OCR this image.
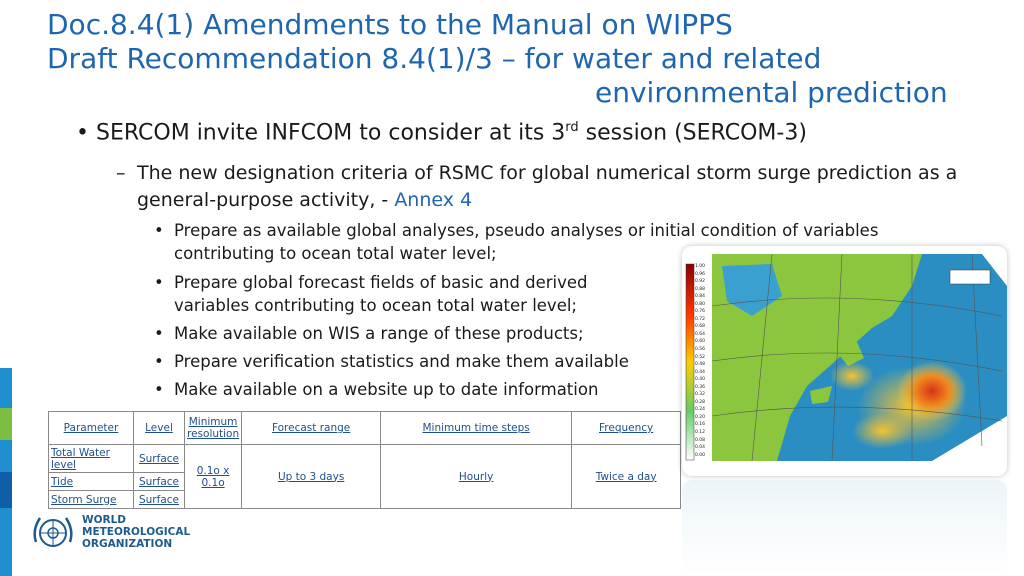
Doc.8.4(1) Amendments to the Manual on WIPPS
Draft Recommendation 8.4(1)/3 – for water and related
environmental prediction
• SERCOM invite INFCOM to consider at its 3rd session (SERCOM-3)
– The new designation criteria of RSMC for global numerical storm surge prediction as a general-purpose activity, - Annex 4
• Prepare as available global analyses, pseudo analyses or initial condition of variables contributing to ocean total water level;
• Prepare global forecast fields of basic and derived variables contributing to ocean total water level;
• Make available on WIS a range of these products;
• Prepare verification statistics and make them available
• Make available on a website up to date information
Parameter	Level	Minimum resolution	Forecast range	Minimum time steps	Frequency
Total Water level	Surface	0.1o x 0.1o	Up to 3 days	Hourly	Twice a day
Tide	Surface				
Storm Surge	Surface				
WORLD
METEOROLOGICAL
ORGANIZATION
1.00
0.96
0.92
0.88
0.84
0.80
0.76
0.72
0.68
0.64
0.60
0.56
0.52
0.48
0.44
0.40
0.36
0.32
0.28
0.24
0.20
0.16
0.12
0.08
0.04
0.00
